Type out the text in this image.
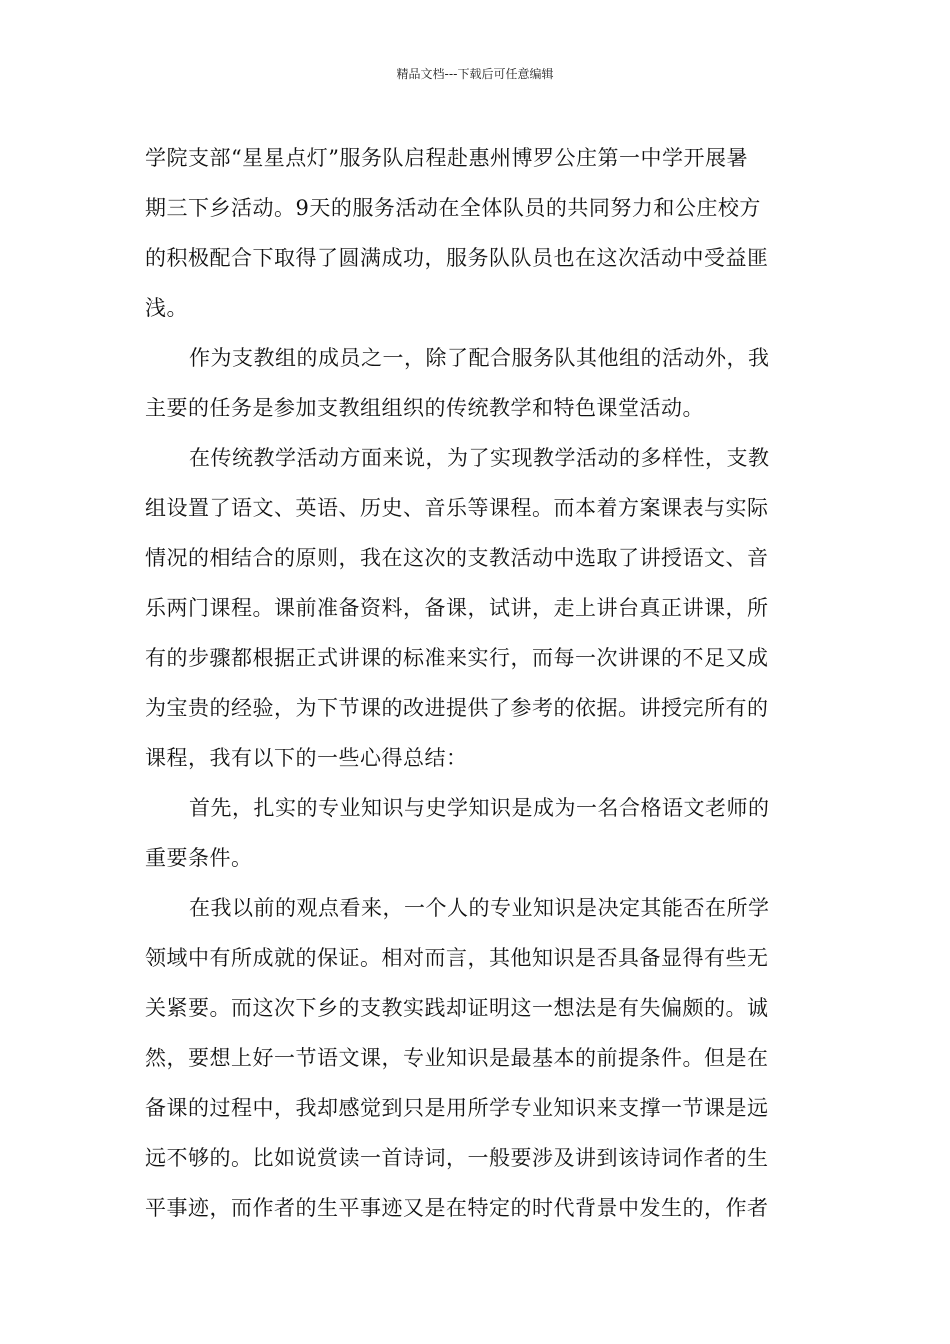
精品文档---下载后可任意编辑
学院支部“星星点灯”服务队启程赴惠州博罗公庄第一中学开展暑
期三下乡活动。9天的服务活动在全体队员的共同努力和公庄校方
的积极配合下取得了圆满成功，服务队队员也在这次活动中受益匪
浅。
作为支教组的成员之一，除了配合服务队其他组的活动外，我
主要的任务是参加支教组组织的传统教学和特色课堂活动。
在传统教学活动方面来说，为了实现教学活动的多样性，支教
组设置了语文、英语、历史、音乐等课程。而本着方案课表与实际
情况的相结合的原则，我在这次的支教活动中选取了讲授语文、音
乐两门课程。课前准备资料，备课，试讲，走上讲台真正讲课，所
有的步骤都根据正式讲课的标准来实行，而每一次讲课的不足又成
为宝贵的经验，为下节课的改进提供了参考的依据。讲授完所有的
课程，我有以下的一些心得总结：
首先，扎实的专业知识与史学知识是成为一名合格语文老师的
重要条件。
在我以前的观点看来，一个人的专业知识是决定其能否在所学
领域中有所成就的保证。相对而言，其他知识是否具备显得有些无
关紧要。而这次下乡的支教实践却证明这一想法是有失偏颇的。诚
然，要想上好一节语文课，专业知识是最基本的前提条件。但是在
备课的过程中，我却感觉到只是用所学专业知识来支撑一节课是远
远不够的。比如说赏读一首诗词，一般要涉及讲到该诗词作者的生
平事迹，而作者的生平事迹又是在特定的时代背景中发生的，作者
